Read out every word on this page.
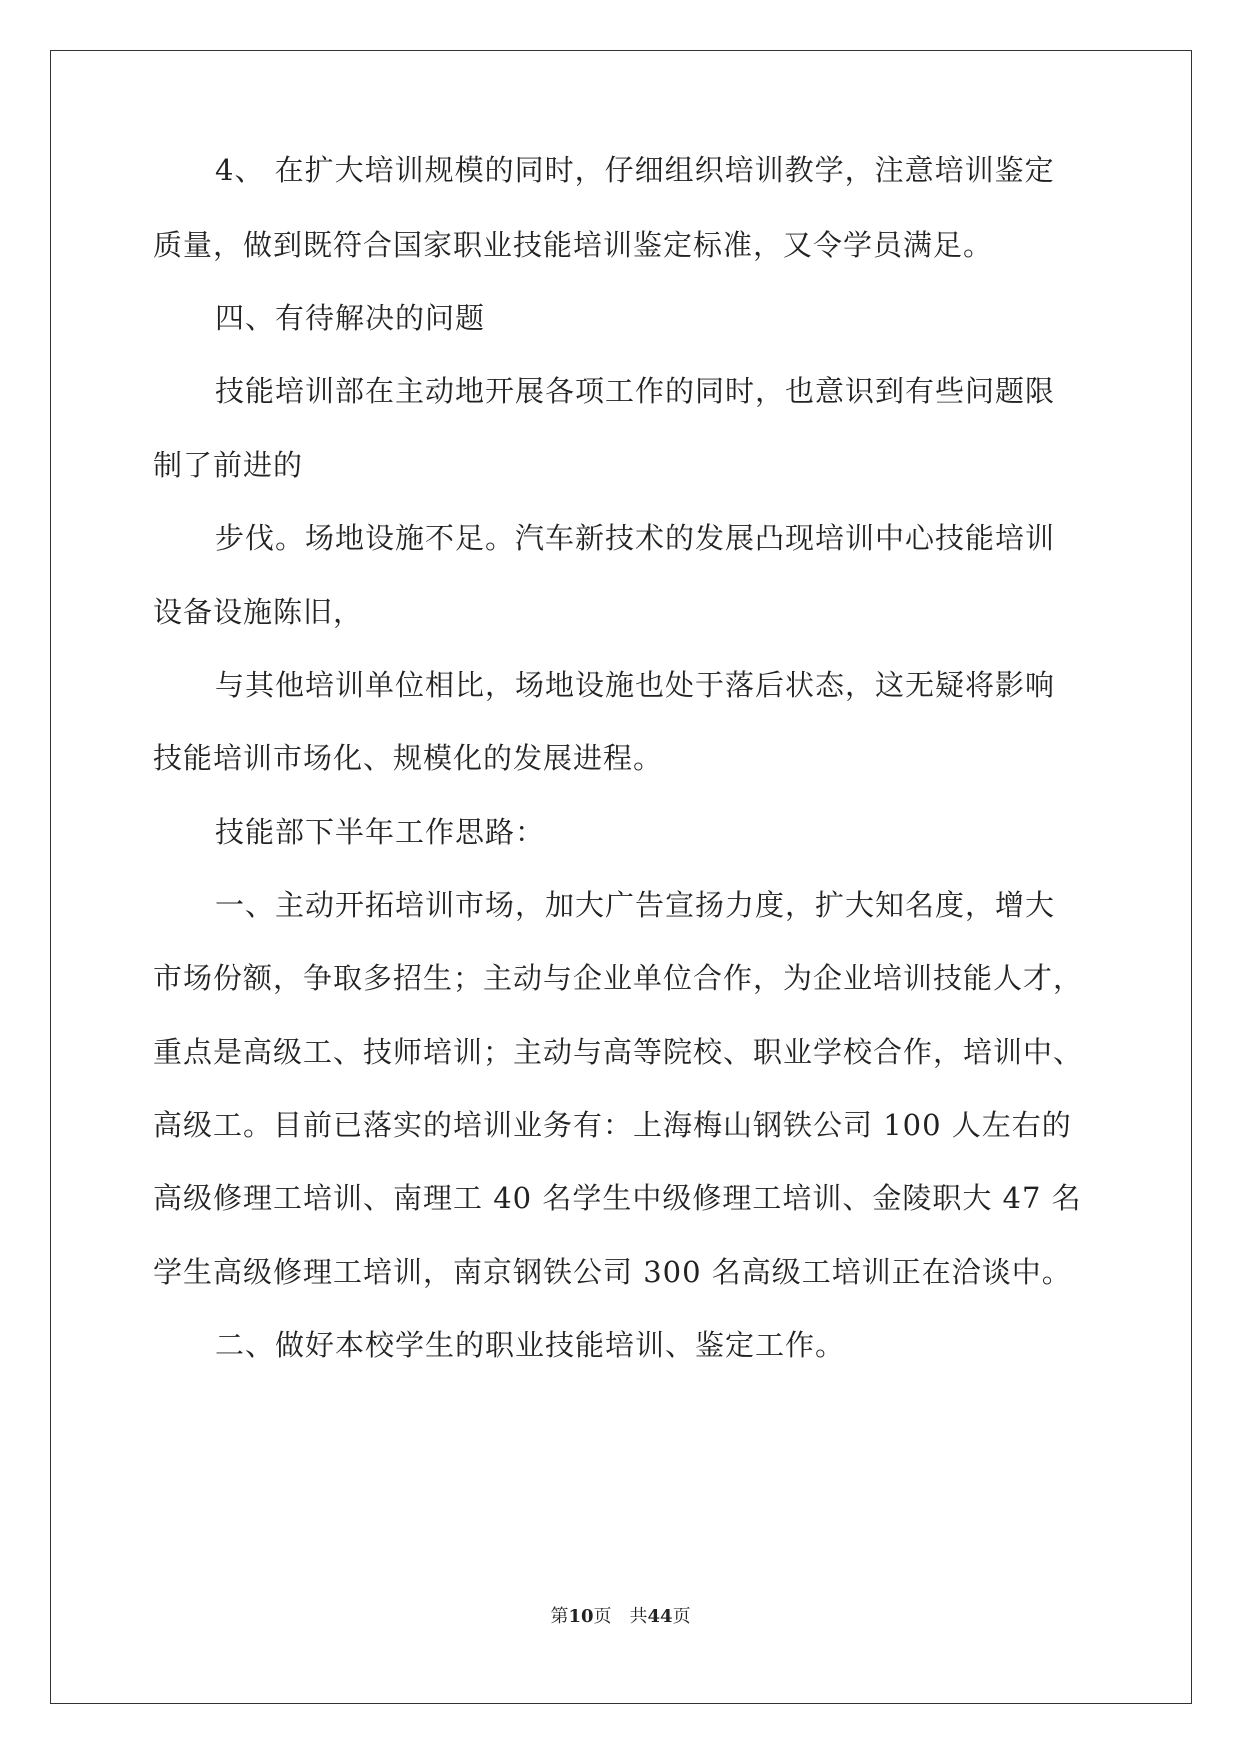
4、 在扩大培训规模的同时，仔细组织培训教学，注意培训鉴定
质量，做到既符合国家职业技能培训鉴定标准，又令学员满足。
四、有待解决的问题
技能培训部在主动地开展各项工作的同时，也意识到有些问题限
制了前进的
步伐。场地设施不足。汽车新技术的发展凸现培训中心技能培训
设备设施陈旧，
与其他培训单位相比，场地设施也处于落后状态，这无疑将影响
技能培训市场化、规模化的发展进程。
技能部下半年工作思路：
一、主动开拓培训市场，加大广告宣扬力度，扩大知名度，增大
市场份额，争取多招生；主动与企业单位合作，为企业培训技能人才，
重点是高级工、技师培训；主动与高等院校、职业学校合作，培训中、
高级工。目前已落实的培训业务有：上海梅山钢铁公司 100 人左右的
高级修理工培训、南理工 40 名学生中级修理工培训、金陵职大 47 名
学生高级修理工培训，南京钢铁公司 300 名高级工培训正在洽谈中。
二、做好本校学生的职业技能培训、鉴定工作。
第10页　共44页
